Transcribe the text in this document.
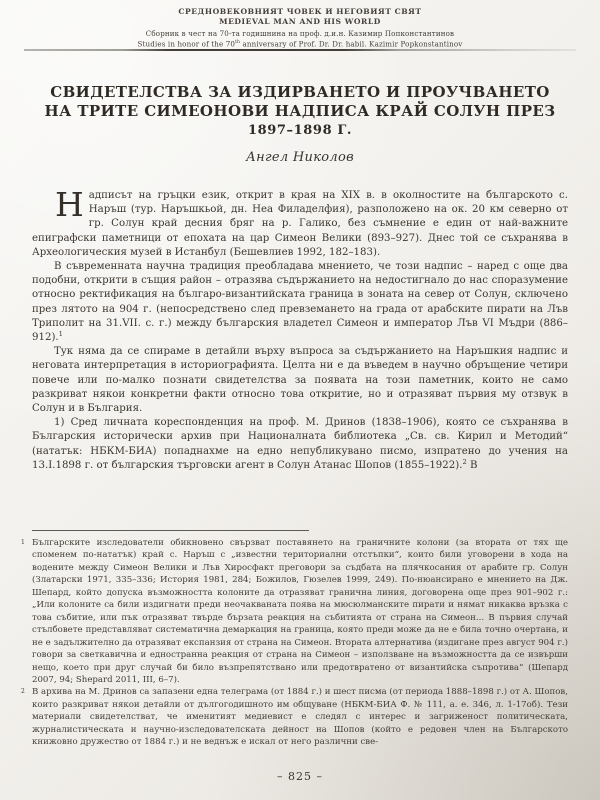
СРЕДНОВЕКОВНИЯТ ЧОВЕК И НЕГОВИЯТ СВЯТ
MEDIEVAL MAN AND HIS WORLD
Сборник в чест на 70-та годишнина на проф. д.и.н. Казимир Попконстантинов
Studies in honor of the 70th anniversary of Prof. Dr. Dr. habil. Kazimir Popkonstantinov
СВИДЕТЕЛСТВА ЗА ИЗДИРВАНЕТО И ПРОУЧВАНЕТО
НА ТРИТЕ СИМЕОНОВИ НАДПИСА КРАЙ СОЛУН ПРЕЗ
1897–1898 Г.
Ангел Николов

Надписът на гръцки език, открит в края на XIX в. в околностите на българското с. Наръш (тур. Наръшкьой, дн. Неа Филаделфия), разположено на ок. 20 км северно от гр. Солун край десния бряг на р. Галико, без съмнение е един от най-важните епиграфски паметници от епохата на цар Симеон Велики (893–927). Днес той се съхранява в Археологическия музей в Истанбул (Бешевлиев 1992, 182–183).

В съвременната научна традиция преобладава мнението, че този надпис – наред с още два подобни, открити в същия район – отразява съдържанието на недостигнало до нас споразумение относно ректификация на българо-византийската граница в зоната на север от Солун, сключено през лятото на 904 г. (непосредствено след превземането на града от арабските пирати на Лъв Триполит на 31.VII. с. г.) между българския владетел Симеон и император Лъв VI Мъдри (886–912).$^1$

Тук няма да се спираме в детайли върху въпроса за съдържанието на Наръшкия надпис и неговата интерпретация в историографията. Целта ни е да въведем в научно обръщение четири повече или по-малко познати свидетелства за появата на този паметник, които не само разкриват някои конкретни факти относно това откритие, но и отразяват първия му отзвук в Солун и в България.

1) Сред личната кореспонденция на проф. М. Дринов (1838–1906), която се съхранява в Българския исторически архив при Националната библиотека „Св. св. Кирил и Методий“ (нататък: НБКМ-БИА) попаднахме на едно непубликувано писмо, изпратено до учения на 13.I.1898 г. от българския търговски агент в Солун Атанас Шопов (1855–1922).$^2$ В

1 Българските изследователи обикновено свързват поставянето на граничните колони (за втората от тях ще споменем по-нататък) край с. Наръш с „известни териториални отстъпки“, които били уговорени в хода на водените между Симеон Велики и Лъв Хиросфакт преговори за съдбата на плячкосания от арабите гр. Солун (Златарски 1971, 335–336; История 1981, 284; Божилов, Гюзелев 1999, 249). По-нюансирано е мнението на Дж. Шепард, който допуска възможността колоните да отразяват гранична линия, договорена още през 901–902 г.: „Или колоните са били издигнати преди неочакваната поява на мюсюлманските пирати и нямат никаква връзка с това събитие, или пък отразяват твърде бързата реакция на събитията от страна на Симеон... В първия случай стълбовете представляват систематична демаркация на граница, която преди може да не е била точно очертана, и не е задължително да отразяват експанзия от страна на Симеон. Втората алтернатива (издигане през август 904 г.) говори за светкавична и едностранна реакция от страна на Симеон – използване на възможността да се извърши нещо, което при друг случай би било възпрепятствано или предотвратено от византийска съпротива“ (Шепард 2007, 94; Shepard 2011, III, 6–7).
2 В архива на М. Дринов са запазени една телеграма (от 1884 г.) и шест писма (от периода 1888–1898 г.) от А. Шопов, които разкриват някои детайли от дългогодишното им общуване (НБКМ-БИА Ф. № 111, а. е. 346, л. 1-17об). Тези материали свидетелстват, че именитият медиевист е следял с интерес и загриженост политическата, журналистическата и научно-изследователската дейност на Шопов (който е редовен член на Българското книжовно дружество от 1884 г.) и не веднъж е искал от него различни све-
– 825 –
